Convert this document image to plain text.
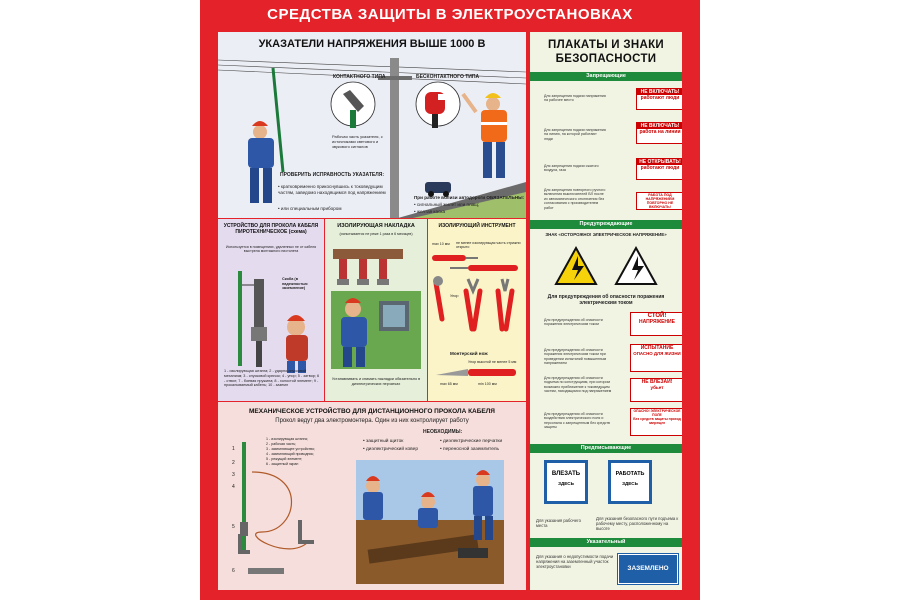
СРЕДСТВА ЗАЩИТЫ В ЭЛЕКТРОУСТАНОВКАХ
УКАЗАТЕЛИ НАПРЯЖЕНИЯ ВЫШЕ 1000 В
КОНТАКТНОГО ТИПА	БЕСКОНТАКТНОГО ТИПА
Рабочая часть указателя, с источниками светового и звукового сигналов
ПРОВЕРИТЬ ИСПРАВНОСТЬ УКАЗАТЕЛЯ:
• кратковременно прикоснувшись к токоведущим частям, заведомо находящимся под напряжением
• или специальным прибором
При работе вблизи автодороги ОБЯЗАТЕЛЬНЫ:
• сигнальный жилет или плащ;
• желтая каска
УСТРОЙСТВО ДЛЯ ПРОКОЛА КАБЕЛЯ ПИРОТЕХНИЧЕСКОЕ (схема)
Используется в помещениях, удаленных не от кабеля выстрела монтажного пистолета
Скоба (в надежностью заземление)
1 - изолирующая штанга; 2 - ударно-спусковой механизм; 3 - спусковой крючок; 4 - упор; 5 - затвор; 6 - ствол; 7 - боевая пружина; 8 - холостой элемент; 9 - прокалываемый кабель; 10 - заземл
ИЗОЛИРУЮЩАЯ НАКЛАДКА
(испытывается не реже 1 раза в 6 месяцев)
Устанавливать и снимать накладки обязательно в диэлектрических перчатках
ИЗОЛИРУЮЩИЙ ИНСТРУМЕНТ
max 10 мм не менее изолирующая часть стрижни открыто
Упор
Монтерский нож
Упор высотой не менее 5 мм
max 65 мм	min 100 мм
МЕХАНИЧЕСКОЕ УСТРОЙСТВО ДЛЯ ДИСТАНЦИОННОГО ПРОКОЛА КАБЕЛЯ
Прокол ведут два электромонтера. Один из них контролирует работу
НЕОБХОДИМЫ:
• защитный щиток
• диэлектрический ковер
• диэлектрические перчатки
• переносной заземлитель
1 - изолирующая штанга;
2 - рабочая часть;
3 - заземляющее устройство;
4 - заземляющий проводник;
5 - режущий элемент;
6 - защитный экран
1
2
3
4
5
6
ПЛАКАТЫ И ЗНАКИ БЕЗОПАСНОСТИ
Запрещающие
Для запрещения подачи напряжения на рабочее место
НЕ ВКЛЮЧАТЬ!
работают люди
Для запрещения подачи напряжения на линию, на которой работают люди
НЕ ВКЛЮЧАТЬ!
работа на линии
Для запрещения подачи сжатого воздуха, газа
НЕ ОТКРЫВАТЬ!
работают люди
Для запрещения повторного ручного включения выключателей ВЛ после их автоматического отключения без согласования с производителем работ
РАБОТА ПОД НАПРЯЖЕНИЕМ
ПОВТОРНО НЕ ВКЛЮЧАТЬ!
Предупреждающие
ЗНАК «ОСТОРОЖНО! ЭЛЕКТРИЧЕСКОЕ НАПРЯЖЕНИЕ»
Для предупреждения об опасности поражения электрическим током
Для предупреждения об опасности поражения электрическим током
СТОЙ!
НАПРЯЖЕНИЕ
Для предупреждения об опасности поражения электрическим током при проведении испытаний повышенным напряжением
ИСПЫТАНИЕ
ОПАСНО ДЛЯ ЖИЗНИ
Для предупреждения об опасности подъема по конструкциям, при котором возможно приближение к токоведущим частям, находящимся под напряжением
НЕ ВЛЕЗАЙ!
убьет
Для предупреждения об опасности воздействия электрического поля и персонала с запрещенным без средств защиты
ОПАСНО! ЭЛЕКТРИЧЕСКОЕ ПОЛЕ
Без средств защиты проход запрещен
Предписывающие
ВЛЕЗАТЬ
ЗДЕСЬ
РАБОТАТЬ
ЗДЕСЬ
Для указания рабочего места
Для указания безопасного пути подъема к рабочему месту, расположенному на высоте
Указательный
Для указания о недопустимости подачи напряжения на заземленный участок электроустановки	ЗАЗЕМЛЕНО
